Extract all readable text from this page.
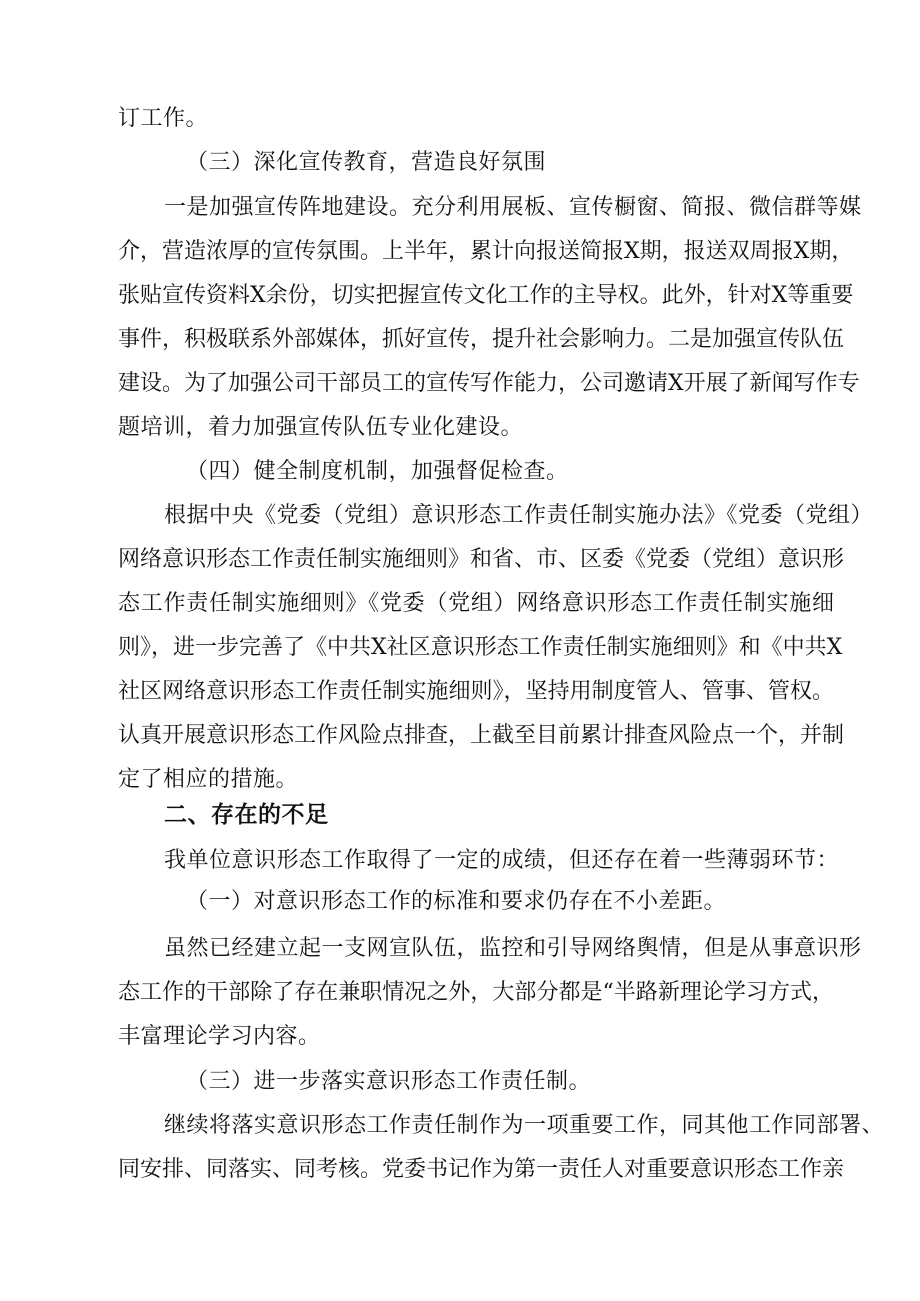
订工作。
（三）深化宣传教育，营造良好氛围
一是加强宣传阵地建设。充分利用展板、宣传橱窗、简报、微信群等媒
介，营造浓厚的宣传氛围。上半年，累计向报送简报X期，报送双周报X期，
张贴宣传资料X余份，切实把握宣传文化工作的主导权。此外，针对X等重要
事件，积极联系外部媒体，抓好宣传，提升社会影响力。二是加强宣传队伍
建设。为了加强公司干部员工的宣传写作能力，公司邀请X开展了新闻写作专
题培训，着力加强宣传队伍专业化建设。
（四）健全制度机制，加强督促检查。
根据中央《党委（党组）意识形态工作责任制实施办法》《党委（党组）
网络意识形态工作责任制实施细则》和省、市、区委《党委（党组）意识形
态工作责任制实施细则》《党委（党组）网络意识形态工作责任制实施细
则》，进一步完善了《中共X社区意识形态工作责任制实施细则》和《中共X
社区网络意识形态工作责任制实施细则》，坚持用制度管人、管事、管权。
认真开展意识形态工作风险点排查，上截至目前累计排查风险点一个，并制
定了相应的措施。
二、存在的不足
我单位意识形态工作取得了一定的成绩，但还存在着一些薄弱环节：
（一）对意识形态工作的标准和要求仍存在不小差距。
虽然已经建立起一支网宣队伍，监控和引导网络舆情，但是从事意识形
态工作的干部除了存在兼职情况之外，大部分都是“半路新理论学习方式，
丰富理论学习内容。
（三）进一步落实意识形态工作责任制。
继续将落实意识形态工作责任制作为一项重要工作，同其他工作同部署、
同安排、同落实、同考核。党委书记作为第一责任人对重要意识形态工作亲
